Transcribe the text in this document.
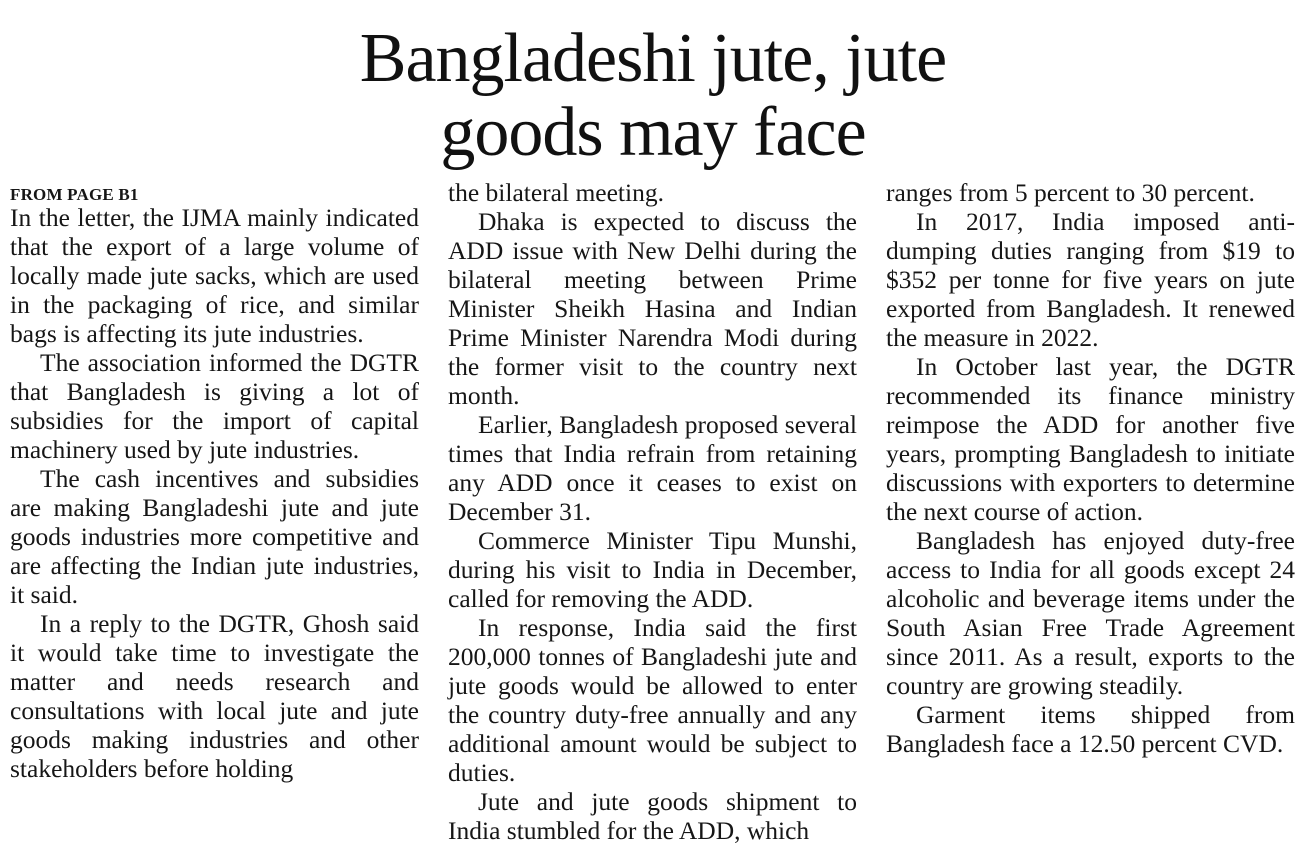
Bangladeshi jute, jute
goods may face
FROM PAGE B1

In the letter, the IJMA mainly indicated that the export of a large volume of locally made jute sacks, which are used in the packaging of rice, and similar bags is affecting its jute industries.

The association informed the DGTR that Bangladesh is giving a lot of subsidies for the import of capital machinery used by jute industries.

The cash incentives and subsidies are making Bangladeshi jute and jute goods industries more competitive and are affecting the Indian jute industries, it said.

In a reply to the DGTR, Ghosh said it would take time to investigate the matter and needs research and consultations with local jute and jute goods making industries and other stakeholders before holding

the bilateral meeting.

Dhaka is expected to discuss the ADD issue with New Delhi during the bilateral meeting between Prime Minister Sheikh Hasina and Indian Prime Minister Narendra Modi during the former visit to the country next month.

Earlier, Bangladesh proposed several times that India refrain from retaining any ADD once it ceases to exist on December 31.

Commerce Minister Tipu Munshi, during his visit to India in December, called for removing the ADD.

In response, India said the first 200,000 tonnes of Bangladeshi jute and jute goods would be allowed to enter the country duty-free annually and any additional amount would be subject to duties.

Jute and jute goods shipment to India stumbled for the ADD, which

ranges from 5 percent to 30 percent.

In 2017, India imposed anti-dumping duties ranging from $19 to $352 per tonne for five years on jute exported from Bangladesh. It renewed the measure in 2022.

In October last year, the DGTR recommended its finance ministry reimpose the ADD for another five years, prompting Bangladesh to initiate discussions with exporters to determine the next course of action.

Bangladesh has enjoyed duty-free access to India for all goods except 24 alcoholic and beverage items under the South Asian Free Trade Agreement since 2011. As a result, exports to the country are growing steadily.

Garment items shipped from Bangladesh face a 12.50 percent CVD.
